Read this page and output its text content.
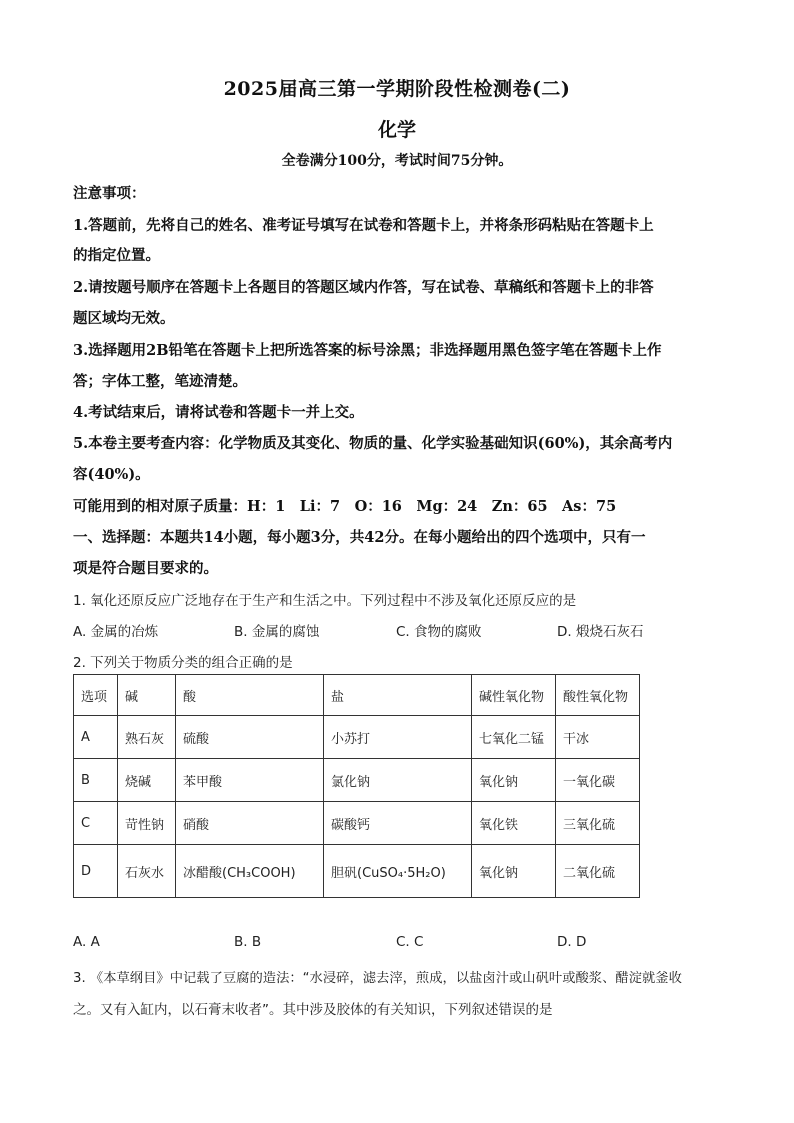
2025届高三第一学期阶段性检测卷(二)
化学
全卷满分100分，考试时间75分钟。
注意事项：
1.答题前，先将自己的姓名、准考证号填写在试卷和答题卡上，并将条形码粘贴在答题卡上
的指定位置。
2.请按题号顺序在答题卡上各题目的答题区域内作答，写在试卷、草稿纸和答题卡上的非答
题区域均无效。
3.选择题用2B铅笔在答题卡上把所选答案的标号涂黑；非选择题用黑色签字笔在答题卡上作
答；字体工整，笔迹清楚。
4.考试结束后，请将试卷和答题卡一并上交。
5.本卷主要考查内容：化学物质及其变化、物质的量、化学实验基础知识(60%)，其余高考内
容(40%)。
可能用到的相对原子质量：H：1　Li：7　O：16　Mg：24　Zn：65　As：75
一、选择题：本题共14小题，每小题3分，共42分。在每小题给出的四个选项中，只有一
项是符合题目要求的。
1. 氧化还原反应广泛地存在于生产和生活之中。下列过程中不涉及氧化还原反应的是
A. 金属的冶炼	B. 金属的腐蚀	C. 食物的腐败	D. 煅烧石灰石
2. 下列关于物质分类的组合正确的是
选项	碱	酸	盐	碱性氧化物	酸性氧化物
A	熟石灰	硫酸	小苏打	七氧化二锰	干冰
B	烧碱	苯甲酸	氯化钠	氧化钠	一氧化碳
C	苛性钠	硝酸	碳酸钙	氧化铁	三氧化硫
D	石灰水	冰醋酸(CH₃COOH)	胆矾(CuSO₄·5H₂O)	氧化钠	二氧化硫
A. A	B. B	C. C	D. D
3. 《本草纲目》中记载了豆腐的造法：“水浸碎，滤去滓，煎成，以盐卤汁或山矾叶或酸浆、醋淀就釜收
之。又有入缸内，以石膏末收者”。其中涉及胶体的有关知识，下列叙述错误的是
